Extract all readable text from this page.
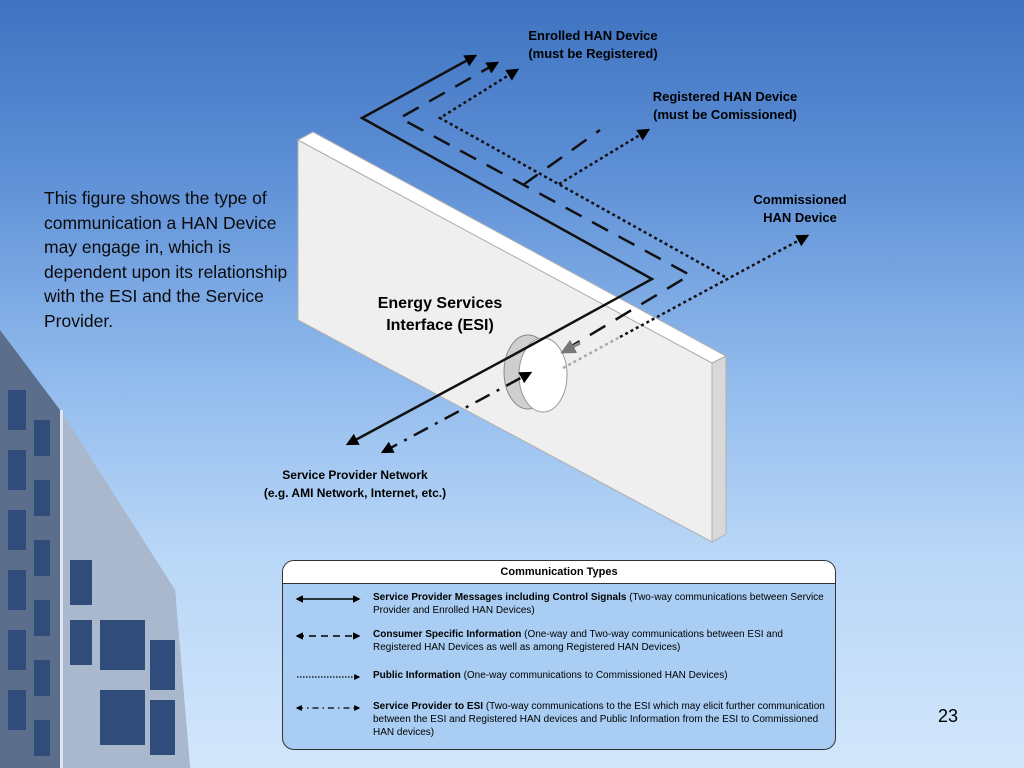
This figure shows the type of communication a HAN Device may engage in, which is dependent upon its relationship with the ESI and the Service Provider.
Enrolled HAN Device
(must be Registered)
Registered HAN Device
(must be Comissioned)
Commissioned
HAN Device
Energy Services
Interface (ESI)
Service Provider Network
(e.g. AMI Network, Internet, etc.)
Communication Types
Service Provider Messages including Control Signals (Two-way communications between Service Provider and Enrolled HAN Devices)
Consumer Specific Information (One-way and Two-way communications between ESI and Registered HAN Devices as well as among Registered HAN Devices)
Public Information (One-way communications to Commissioned HAN Devices)
Service Provider to ESI (Two-way communications to the ESI which may elicit further communication between the ESI and Registered HAN devices and Public Information from the ESI to Commissioned HAN devices)
23
